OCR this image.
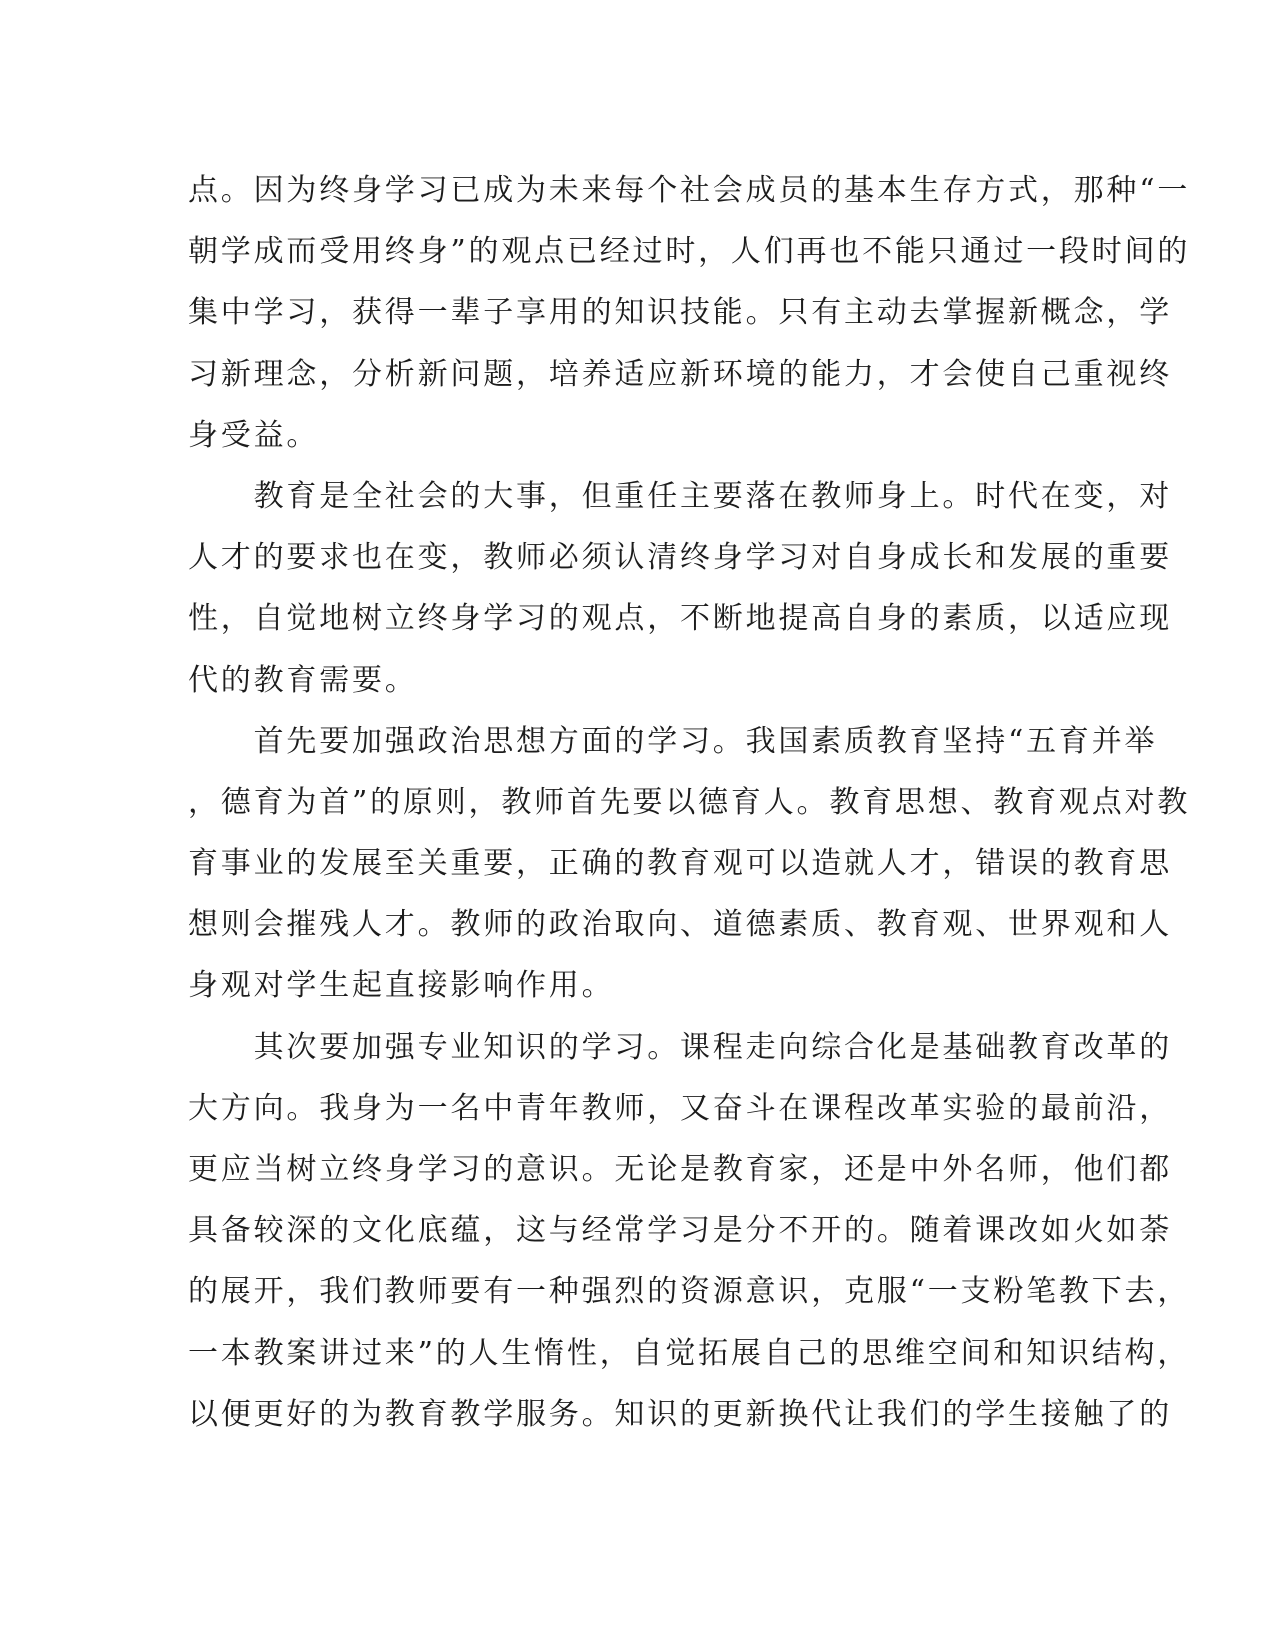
点。因为终身学习已成为未来每个社会成员的基本生存方式，那种“一
朝学成而受用终身”的观点已经过时，人们再也不能只通过一段时间的
集中学习，获得一辈子享用的知识技能。只有主动去掌握新概念，学
习新理念，分析新问题，培养适应新环境的能力，才会使自己重视终
身受益。
　　教育是全社会的大事，但重任主要落在教师身上。时代在变，对
人才的要求也在变，教师必须认清终身学习对自身成长和发展的重要
性，自觉地树立终身学习的观点，不断地提高自身的素质，以适应现
代的教育需要。
　　首先要加强政治思想方面的学习。我国素质教育坚持“五育并举
，德育为首”的原则，教师首先要以德育人。教育思想、教育观点对教
育事业的发展至关重要，正确的教育观可以造就人才，错误的教育思
想则会摧残人才。教师的政治取向、道德素质、教育观、世界观和人
身观对学生起直接影响作用。
　　其次要加强专业知识的学习。课程走向综合化是基础教育改革的
大方向。我身为一名中青年教师，又奋斗在课程改革实验的最前沿，
更应当树立终身学习的意识。无论是教育家，还是中外名师，他们都
具备较深的文化底蕴，这与经常学习是分不开的。随着课改如火如荼
的展开，我们教师要有一种强烈的资源意识，克服“一支粉笔教下去，
一本教案讲过来”的人生惰性，自觉拓展自己的思维空间和知识结构，
以便更好的为教育教学服务。知识的更新换代让我们的学生接触了的
